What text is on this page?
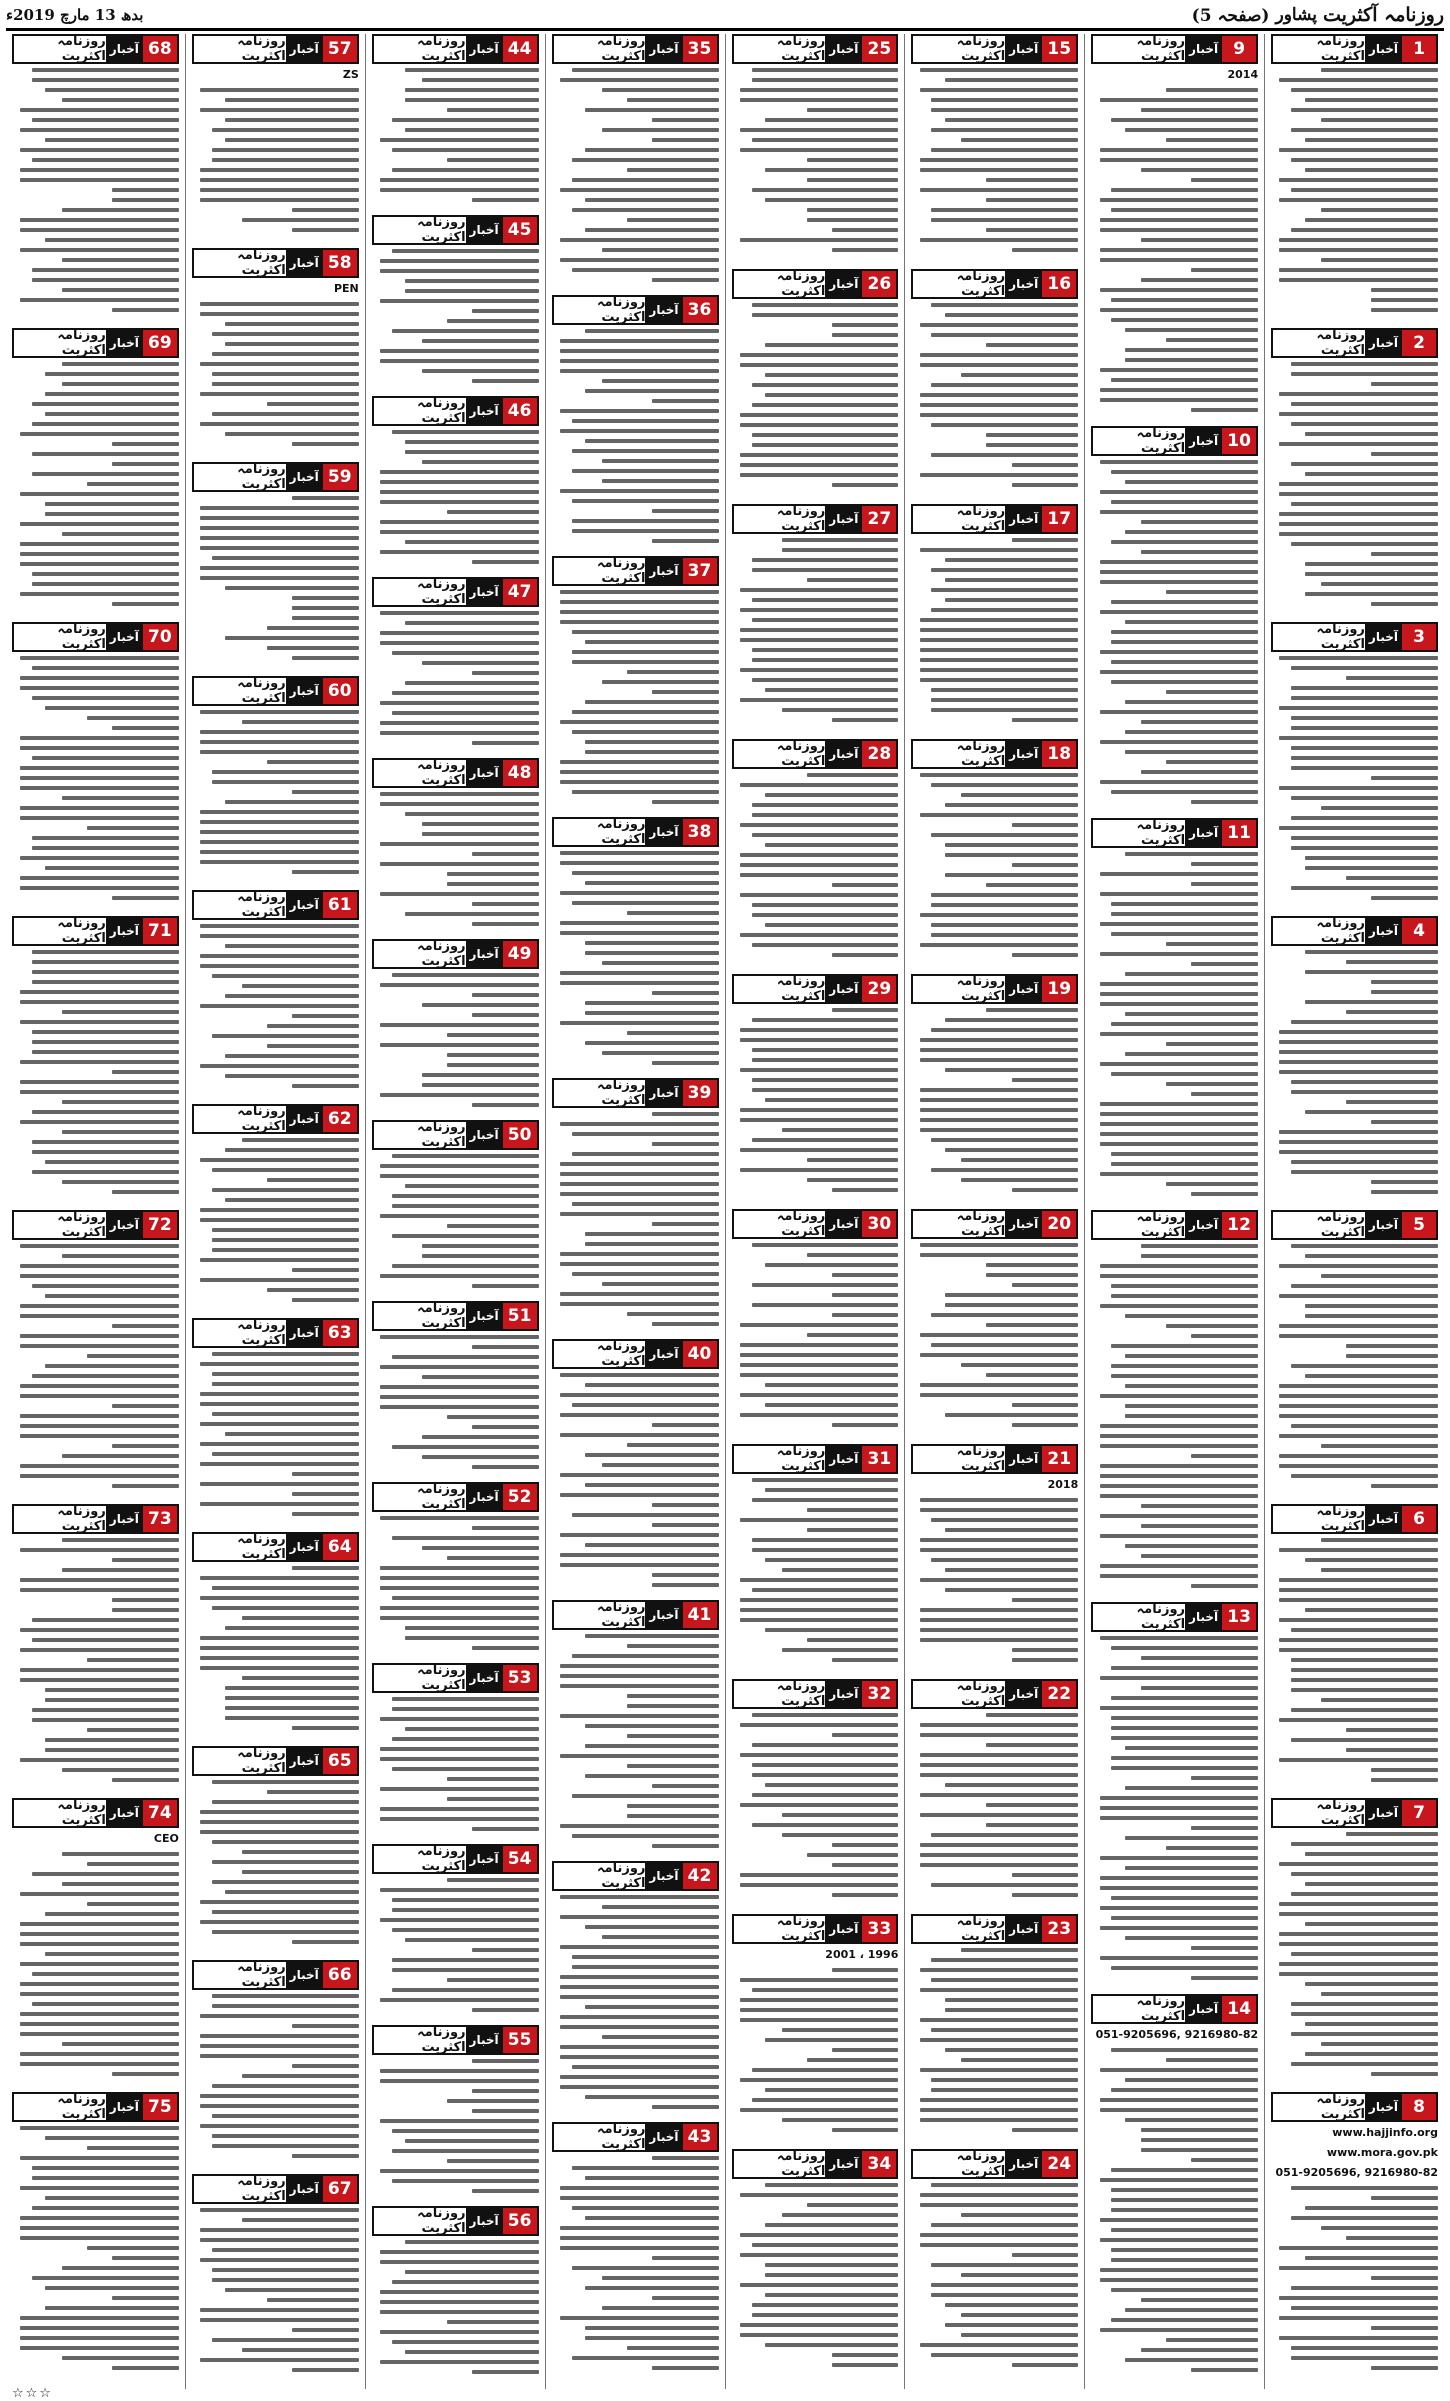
روزنامہ آکثریت
پشاور
(صفحہ 5)
بدھ 13 مارچ 2019ء
1
آخبار
روزنامہ اکثریت
2
آخبار
روزنامہ اکثریت
3
آخبار
روزنامہ اکثریت
4
آخبار
روزنامہ اکثریت
5
آخبار
روزنامہ اکثریت
6
آخبار
روزنامہ اکثریت
7
آخبار
روزنامہ اکثریت
8
آخبار
روزنامہ اکثریت
www.hajjinfo.org
www.mora.gov.pk
051-9205696, 9216980-82
9
آخبار
روزنامہ اکثریت
2014
10
آخبار
روزنامہ اکثریت
11
آخبار
روزنامہ اکثریت
12
آخبار
روزنامہ اکثریت
13
آخبار
روزنامہ اکثریت
14
آخبار
روزنامہ اکثریت
051-9205696, 9216980-82
15
آخبار
روزنامہ اکثریت
16
آخبار
روزنامہ اکثریت
17
آخبار
روزنامہ اکثریت
18
آخبار
روزنامہ اکثریت
19
آخبار
روزنامہ اکثریت
20
آخبار
روزنامہ اکثریت
21
آخبار
روزنامہ اکثریت
2018
22
آخبار
روزنامہ اکثریت
23
آخبار
روزنامہ اکثریت
24
آخبار
روزنامہ اکثریت
25
آخبار
روزنامہ اکثریت
26
آخبار
روزنامہ اکثریت
27
آخبار
روزنامہ اکثریت
28
آخبار
روزنامہ اکثریت
29
آخبار
روزنامہ اکثریت
30
آخبار
روزنامہ اکثریت
31
آخبار
روزنامہ اکثریت
32
آخبار
روزنامہ اکثریت
33
آخبار
روزنامہ اکثریت
2001 ، 1996
34
آخبار
روزنامہ اکثریت
35
آخبار
روزنامہ اکثریت
36
آخبار
روزنامہ اکثریت
37
آخبار
روزنامہ اکثریت
38
آخبار
روزنامہ اکثریت
39
آخبار
روزنامہ اکثریت
40
آخبار
روزنامہ اکثریت
41
آخبار
روزنامہ اکثریت
42
آخبار
روزنامہ اکثریت
43
آخبار
روزنامہ اکثریت
44
آخبار
روزنامہ اکثریت
45
آخبار
روزنامہ اکثریت
46
آخبار
روزنامہ اکثریت
47
آخبار
روزنامہ اکثریت
48
آخبار
روزنامہ اکثریت
49
آخبار
روزنامہ اکثریت
50
آخبار
روزنامہ اکثریت
51
آخبار
روزنامہ اکثریت
52
آخبار
روزنامہ اکثریت
53
آخبار
روزنامہ اکثریت
54
آخبار
روزنامہ اکثریت
55
آخبار
روزنامہ اکثریت
56
آخبار
روزنامہ اکثریت
57
آخبار
روزنامہ اکثریت
ZS
58
آخبار
روزنامہ اکثریت
PEN
59
آخبار
روزنامہ اکثریت
60
آخبار
روزنامہ اکثریت
61
آخبار
روزنامہ اکثریت
62
آخبار
روزنامہ اکثریت
63
آخبار
روزنامہ اکثریت
64
آخبار
روزنامہ اکثریت
65
آخبار
روزنامہ اکثریت
66
آخبار
روزنامہ اکثریت
67
آخبار
روزنامہ اکثریت
68
آخبار
روزنامہ اکثریت
69
آخبار
روزنامہ اکثریت
70
آخبار
روزنامہ اکثریت
71
آخبار
روزنامہ اکثریت
72
آخبار
روزنامہ اکثریت
73
آخبار
روزنامہ اکثریت
74
آخبار
روزنامہ اکثریت
CEO
75
آخبار
روزنامہ اکثریت
☆☆☆
